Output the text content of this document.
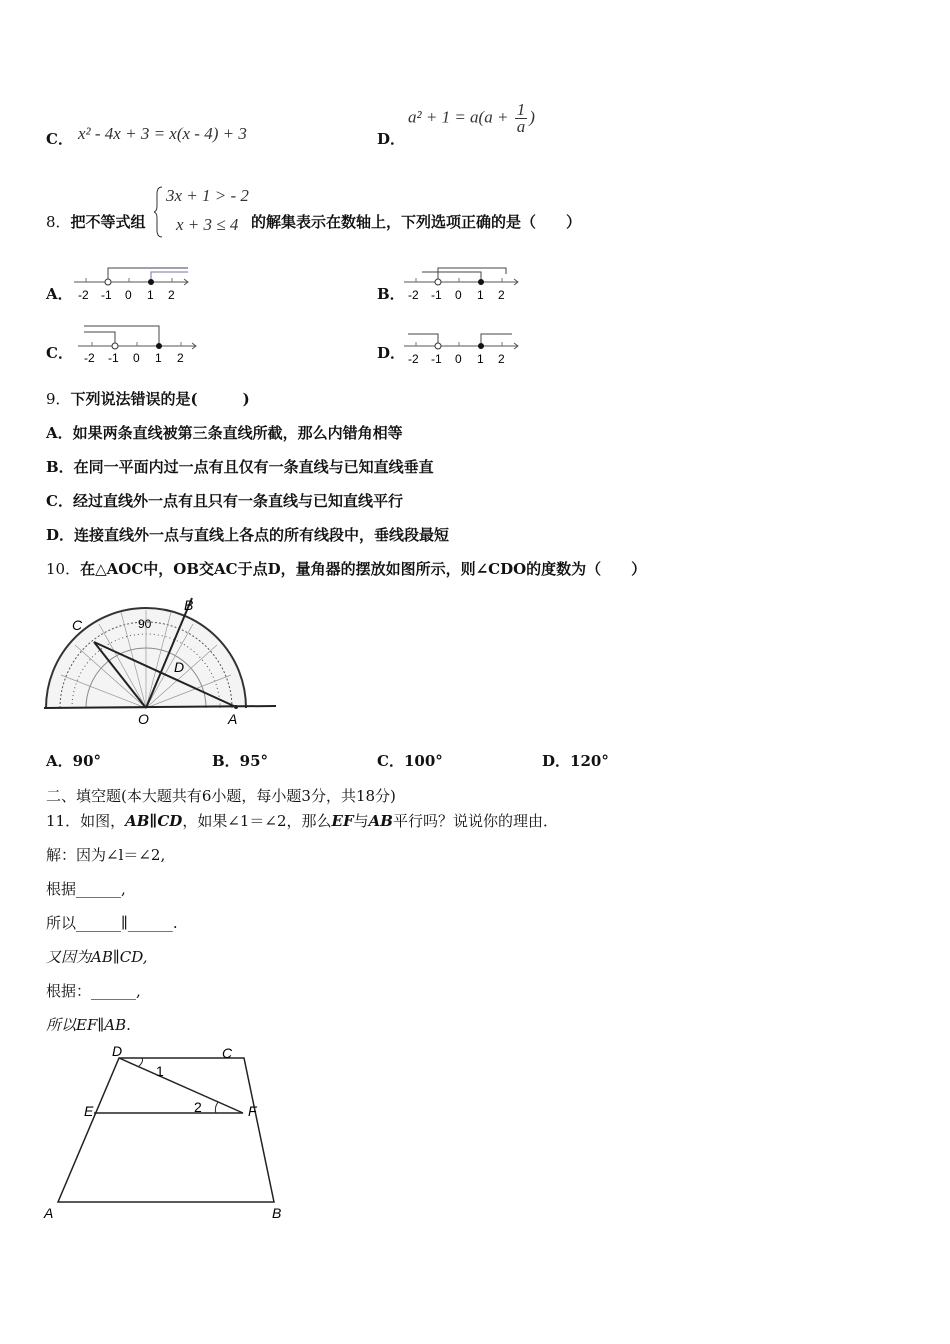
C． x² - 4x + 3 = x(x - 4) + 3	D．
$a^2 + 1 = a(a + \frac{1}{a}$ )
8．把不等式组
3x + 1 > - 2
x + 3 ≤ 4 的解集表示在数轴上，下列选项正确的是（　　）
A．	B．
C．	D．
-2 -1 0 1 2	-2 -1 0 1 2
-2 -1 0 1 2	-2 -1 0 1 2
9．下列说法错误的是(　　　)
A．如果两条直线被第三条直线所截，那么内错角相等
B．在同一平面内过一点有且仅有一条直线与已知直线垂直
C．经过直线外一点有且只有一条直线与已知直线平行
D．连接直线外一点与直线上各点的所有线段中，垂线段最短
10．在△AOC中，OB交AC于点D，量角器的摆放如图所示，则∠CDO的度数为（　　）
B
C
D
O	A
90
A．90°	B．95°	C．100°	D．120°
二、填空题(本大题共有6小题，每小题3分，共18分)
11．如图，AB∥CD，如果∠1＝∠2，那么EF与AB平行吗？说说你的理由．
解：因为∠l＝∠2,
根据______,
所以______∥______.
又因为AB∥CD,
根据：______,
所以EF∥AB.
D	C
E	F
A	B
1
2
